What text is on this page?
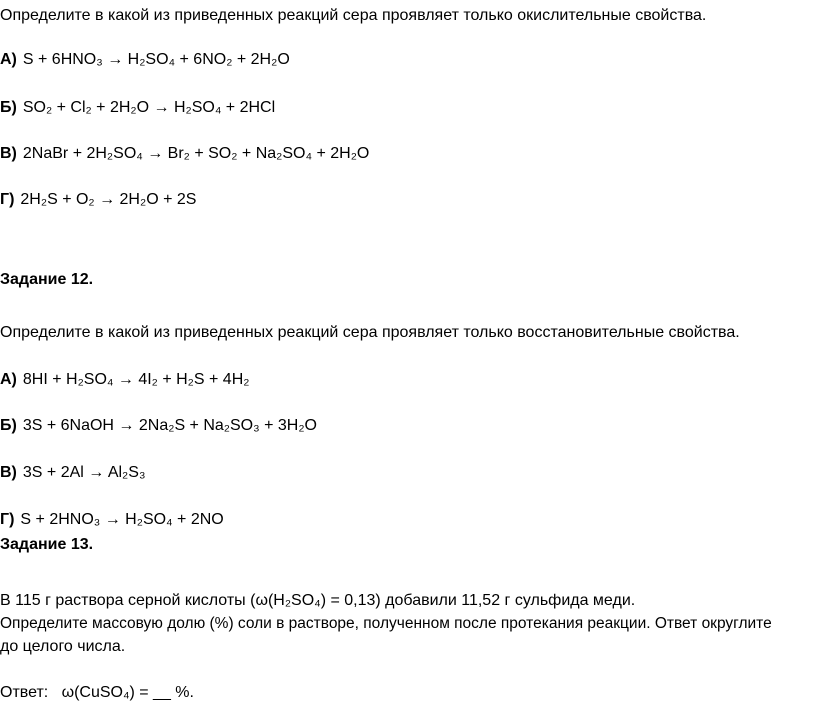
Определите в какой из приведенных реакций сера проявляет только окислительные свойства.
А) S + 6HNO₃ → H₂SO₄ + 6NO₂ + 2H₂O
Б) SO₂ + Cl₂ + 2H₂O → H₂SO₄ + 2HCl
В) 2NaBr + 2H₂SO₄ → Br₂ + SO₂ + Na₂SO₄ + 2H₂O
Г) 2H₂S + O₂ → 2H₂O + 2S
Задание 12.
Определите в какой из приведенных реакций сера проявляет только восстановительные свойства.
А) 8HI + H₂SO₄ → 4I₂ + H₂S + 4H₂
Б) 3S + 6NaOH → 2Na₂S + Na₂SO₃ + 3H₂O
В) 3S + 2Al → Al₂S₃
Г) S + 2HNO₃ → H₂SO₄ + 2NO
Задание 13.
В 115 г раствора серной кислоты (ω(H₂SO₄) = 0,13) добавили 11,52 г сульфида меди.
Определите массовую долю (%) соли в растворе, полученном после протекания реакции. Ответ округлите
до целого числа.
Ответ:   ω(CuSO₄) = __ %.
